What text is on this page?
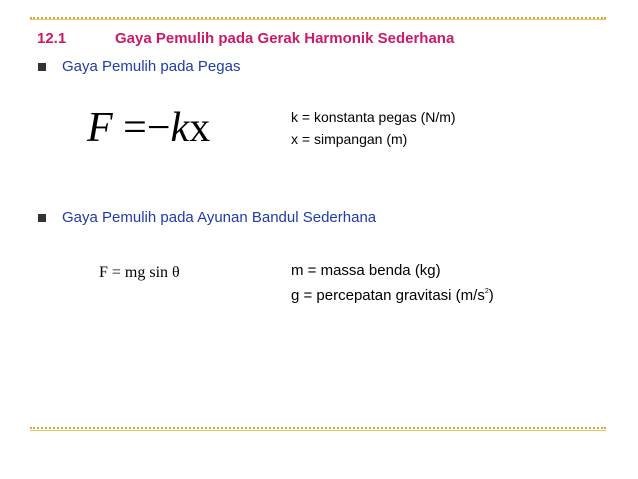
12.1	Gaya Pemulih pada Gerak Harmonik Sederhana
Gaya Pemulih pada Pegas
F =−kx	k = konstanta pegas (N/m)
x = simpangan (m)
Gaya Pemulih pada Ayunan Bandul Sederhana
F = mg sin θ	m = massa benda (kg)
g = percepatan gravitasi $(m/s^2)$
